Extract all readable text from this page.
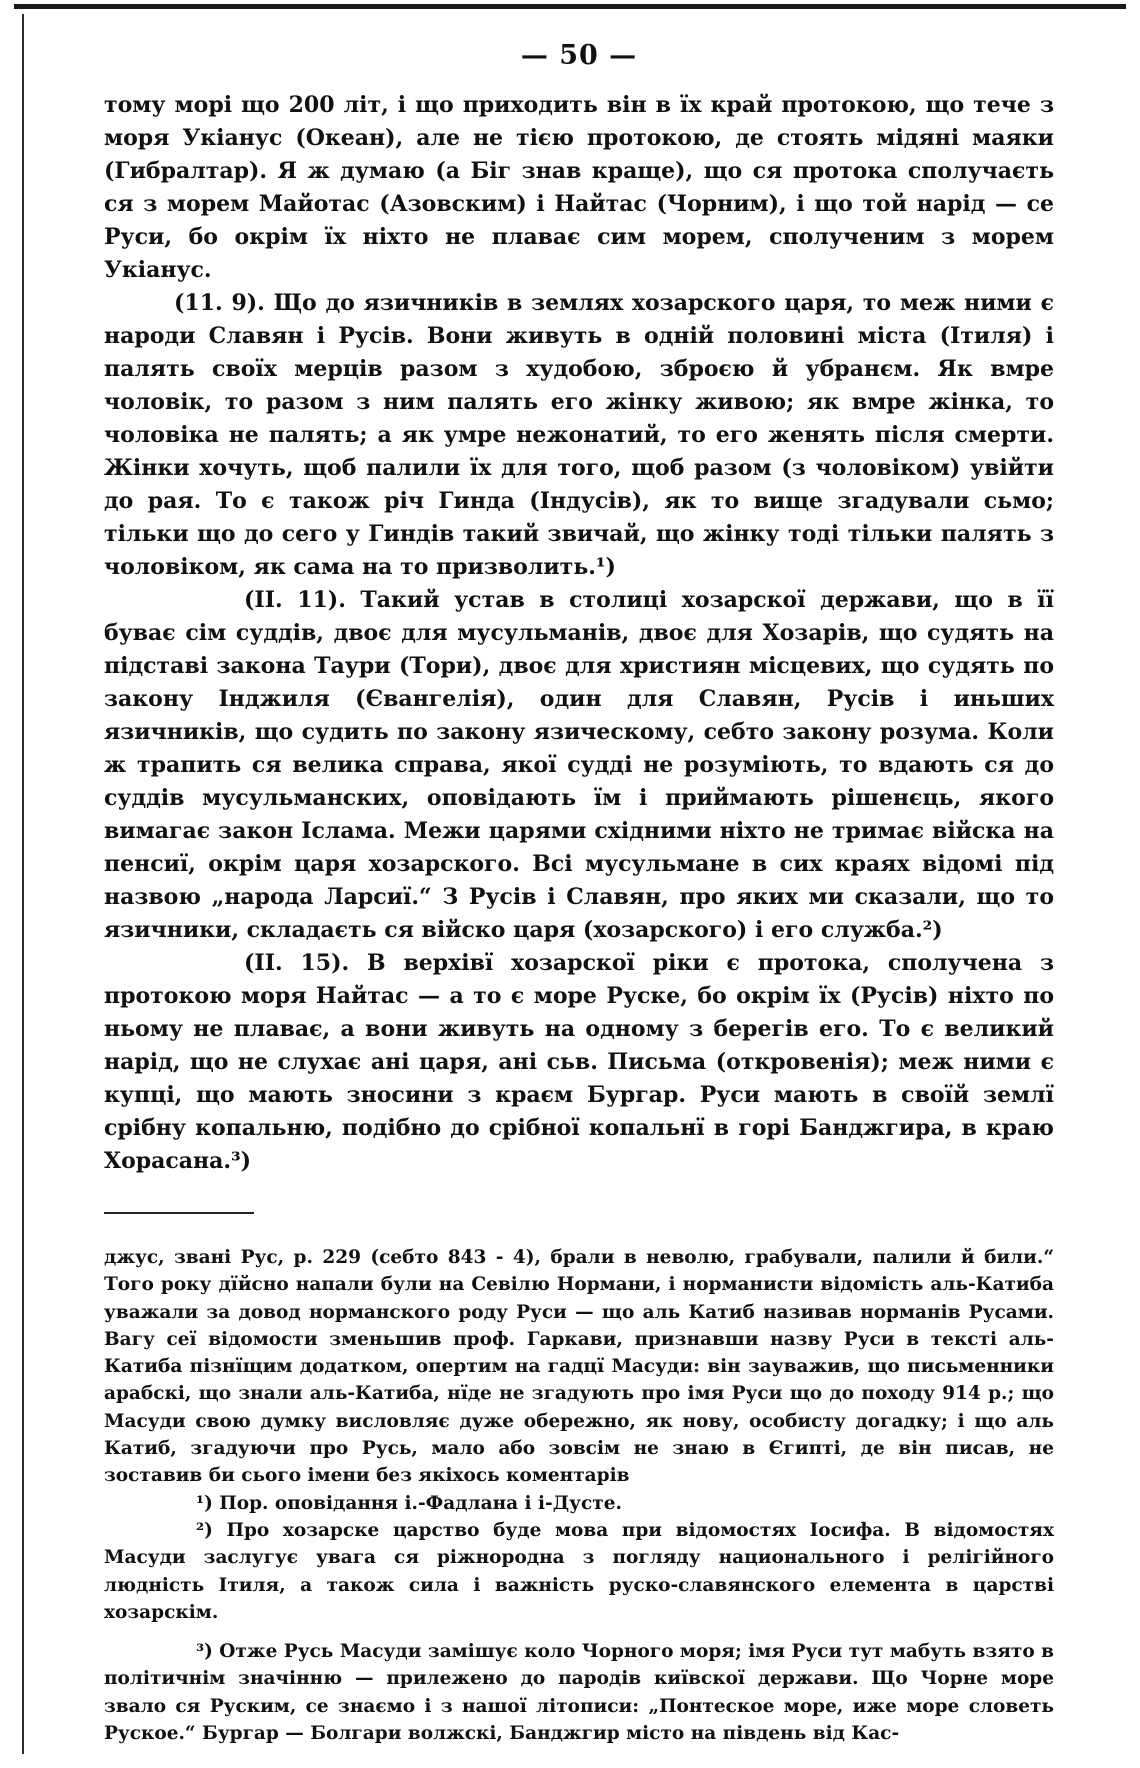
— 50 —

тому морі що 200 літ, і що приходить він в їх край протокою, що тече з моря Укіанус (Океан), але не тією протокою, де стоять мідяні маяки (Гибралтар). Я ж думаю (а Біг знав краще), що ся протока сполучаєть ся з морем Майотас (Азовским) і Найтас (Чорним), і що той нарід — се Руси, бо окрім їх ніхто не плаває сим морем, сполученим з морем Укіанус.

(11. 9). Що до язичників в землях хозарского царя, то меж ними є народи Славян і Русів. Вони живуть в одній половині міста (Ітиля) і палять своїх мерців разом з худобою, зброєю й убранєм. Як вмре чоловік, то разом з ним палять его жінку живою; як вмре жінка, то чоловіка не палять; а як умре нежонатий, то его женять після смерти. Жінки хочуть, щоб палили їх для того, щоб разом (з чоловіком) увійти до рая. То є також річ Гинда (Індусів), як то вище згадували сьмо; тільки що до сего у Гиндів такий звичай, що жінку тоді тільки палять з чоловіком, як сама на то призволить.¹)

(II. 11). Такий устав в столиці хозарскої держави, що в її буває сім суддів, двоє для мусульманів, двоє для Хозарів, що судять на підставі закона Таури (Тори), двоє для християн місцевих, що судять по закону Інджиля (Євангелія), один для Славян, Русів і иньших язичників, що судить по закону язическому, себто закону розума. Коли ж трапить ся велика справа, якої судді не розуміють, то вдають ся до суддів мусульманских, оповідають їм і приймають рішенєць, якого вимагає закон Іслама. Межи царями східними ніхто не тримає війска на пенсиї, окрім царя хозарского. Всі мусульмане в сих краях відомі під назвою „народа Ларсиї.“ З Русів і Славян, про яких ми сказали, що то язичники, складаєть ся війско царя (хозарского) і его служба.²)

(II. 15). В верхівї хозарскої ріки є протока, сполучена з протокою моря Найтас — а то є море Руске, бо окрім їх (Русів) ніхто по ньому не плаває, а вони живуть на одному з берегів его. То є великий нарід, що не слухає ані царя, ані сьв. Письма (откровенія); меж ними є купці, що мають зносини з краєм Бургар. Руси мають в своїй землї срібну копальню, подібно до срібної копальнї в горі Банджгира, в краю Хорасана.³)

джус, звані Рус, р. 229 (себто 843 - 4), брали в неволю, грабували, палили й били.“ Того року дїйсно напали були на Севілю Нормани, і норманисти відомість аль-Катиба уважали за довод норманского роду Руси — що аль Катиб називав норманів Русами. Вагу сеї відомости зменьшив проф. Гаркави, признавши назву Руси в тексті аль-Катиба пізнїщим додатком, опертим на гадцї Масуди: він зауважив, що письменники арабскі, що знали аль-Катиба, нїде не згадують про імя Руси що до походу 914 р.; що Масуди свою думку висловляє дуже обережно, як нову, особисту догадку; і що аль Катиб, згадуючи про Русь, мало або зовсім не знаю в Єгипті, де він писав, не зоставив би сього імени без якіхось коментарів

¹) Пор. оповідання і.-Фадлана і і-Дусте.

²) Про хозарске царство буде мова при відомостях Іосифа. В відомостях Масуди заслугує увага ся ріжнородна з погляду национального і релігійного людність Ітиля, а також сила і важність руско-славянского елемента в царстві хозарскім.

³) Отже Русь Масуди замішує коло Чорного моря; імя Руси тут мабуть взято в політичнім значінню — прилежено до пародів київскої держави. Що Чорне море звало ся Руским, се знаємо і з нашої літописи: „Понтеское море, иже море словеть Руское.“ Бургар — Болгари волжскі, Банджгир місто на південь від Кас-
